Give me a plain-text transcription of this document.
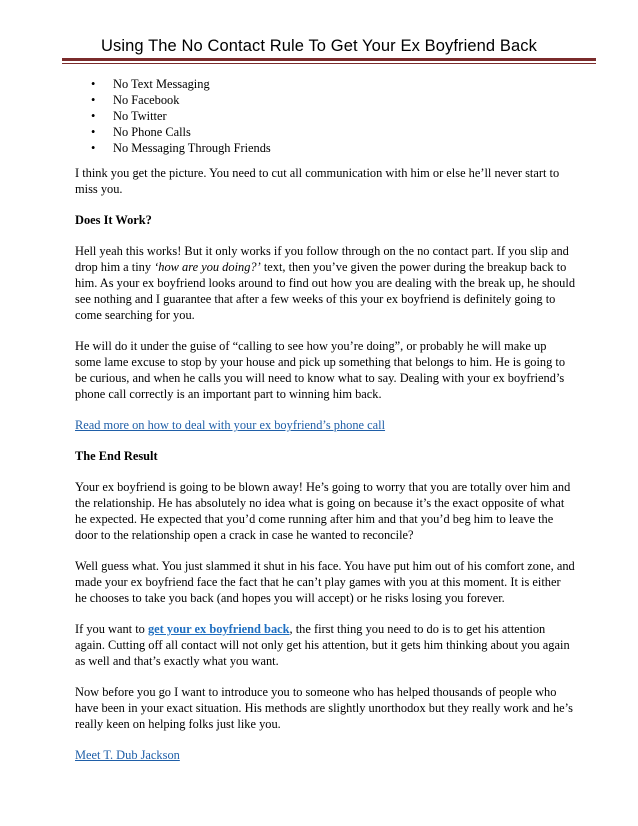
Using The No Contact Rule To Get Your Ex Boyfriend Back
• No Text Messaging
• No Facebook
• No Twitter
• No Phone Calls
• No Messaging Through Friends

I think you get the picture. You need to cut all communication with him or else he’ll never start to miss you.

Does It Work?

Hell yeah this works! But it only works if you follow through on the no contact part. If you slip and drop him a tiny ‘how are you doing?’ text, then you’ve given the power during the breakup back to him. As your ex boyfriend looks around to find out how you are dealing with the break up, he should see nothing and I guarantee that after a few weeks of this your ex boyfriend is definitely going to come searching for you.

He will do it under the guise of “calling to see how you’re doing”, or probably he will make up some lame excuse to stop by your house and pick up something that belongs to him. He is going to be curious, and when he calls you will need to know what to say. Dealing with your ex boyfriend’s phone call correctly is an important part to winning him back.

Read more on how to deal with your ex boyfriend’s phone call

The End Result

Your ex boyfriend is going to be blown away! He’s going to worry that you are totally over him and the relationship. He has absolutely no idea what is going on because it’s the exact opposite of what he expected. He expected that you’d come running after him and that you’d beg him to leave the door to the relationship open a crack in case he wanted to reconcile?

Well guess what. You just slammed it shut in his face. You have put him out of his comfort zone, and made your ex boyfriend face the fact that he can’t play games with you at this moment. It is either he chooses to take you back (and hopes you will accept) or he risks losing you forever.

If you want to get your ex boyfriend back, the first thing you need to do is to get his attention again. Cutting off all contact will not only get his attention, but it gets him thinking about you again as well and that’s exactly what you want.

Now before you go I want to introduce you to someone who has helped thousands of people who have been in your exact situation. His methods are slightly unorthodox but they really work and he’s really keen on helping folks just like you.

Meet T. Dub Jackson
